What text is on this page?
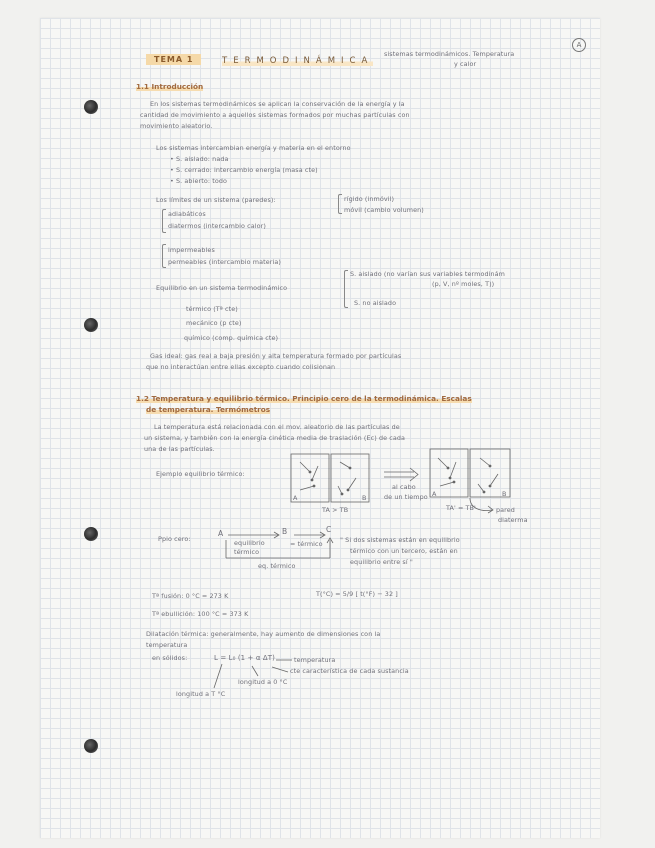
TEMA 1	TERMODINÁMICA
sistemas termodinámicos. Temperatura
y calor
A
1.1 Introducción
En los sistemas termodinámicos se aplican la conservación de la energía y la
cantidad de movimiento a aquellos sistemas formados por muchas partículas con
movimiento aleatorio.
Los sistemas intercambian energía y materia en el entorno
S. aislado: nada
S. cerrado: intercambio energía (masa cte)
S. abierto: todo
•
•
•
Los límites de un sistema (paredes):	rígido (inmóvil)
móvil (cambio volumen)
adiabáticos
diatermos (intercambio calor)
impermeables
permeables (intercambio materia)
Equilibrio en un sistema termodinámico
S. aislado (no varían sus variables termodinám
(p, V, nº moles, T))
S. no aislado
térmico (Tª cte)
mecánico (p cte)
químico (comp. química cte)
Gas ideal: gas real a baja presión y alta temperatura formado por partículas
que no interactúan entre ellas excepto cuando colisionan
1.2 Temperatura y equilibrio térmico. Principio cero de la termodinámica. Escalas
de temperatura. Termómetros
La temperatura está relacionada con el mov. aleatorio de las partículas de
un sistema, y también con la energía cinética media de traslación (Ec) de cada
una de las partículas.
Ejemplo equilibrio térmico:
A	B	A	B
TA > TB	TA' = TB'
al cabo
de un tiempo
pared
diaterma
Ppio cero:
A	B	C
equilibrio
térmico
= térmico
eq. térmico
" Si dos sistemas están en equilibrio
térmico con un tercero, están en
equilibrio entre sí "
Tª fusión: 0 °C = 273 K
Tª ebullición: 100 °C = 373 K
T(°C) = 5/9 [ t(°F) − 32 ]
Dilatación térmica: generalmente, hay aumento de dimensiones con la
temperatura
en sólidos:	L = L₀ (1 + α ΔT)	temperatura
cte característica de cada sustancia
longitud a 0 °C
longitud a T °C
